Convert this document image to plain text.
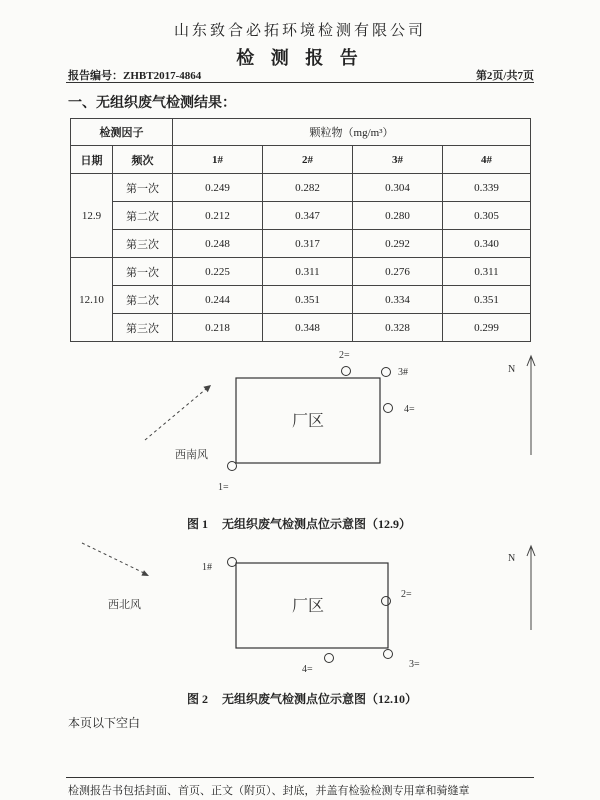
山东致合必拓环境检测有限公司
检 测 报 告
报告编号：ZHBT2017-4864	第2页/共7页
一、无组织废气检测结果：
检测因子		颗粒物（mg/m³）			
日期	频次	1#	2#	3#	4#
12.9	第一次	0.249	0.282	0.304	0.339
	第二次	0.212	0.347	0.280	0.305
	第三次	0.248	0.317	0.292	0.340
12.10	第一次	0.225	0.311	0.276	0.311
	第二次	0.244	0.351	0.334	0.351
	第三次	0.218	0.348	0.328	0.299
厂区
1=
2=
3#
4=
西南风
N
图 1 无组织废气检测点位示意图（12.9）
厂区
1#
2=
3=
4=
西北风
N
图 2 无组织废气检测点位示意图（12.10）
本页以下空白
检测报告书包括封面、首页、正文（附页）、封底，并盖有检验检测专用章和骑缝章
